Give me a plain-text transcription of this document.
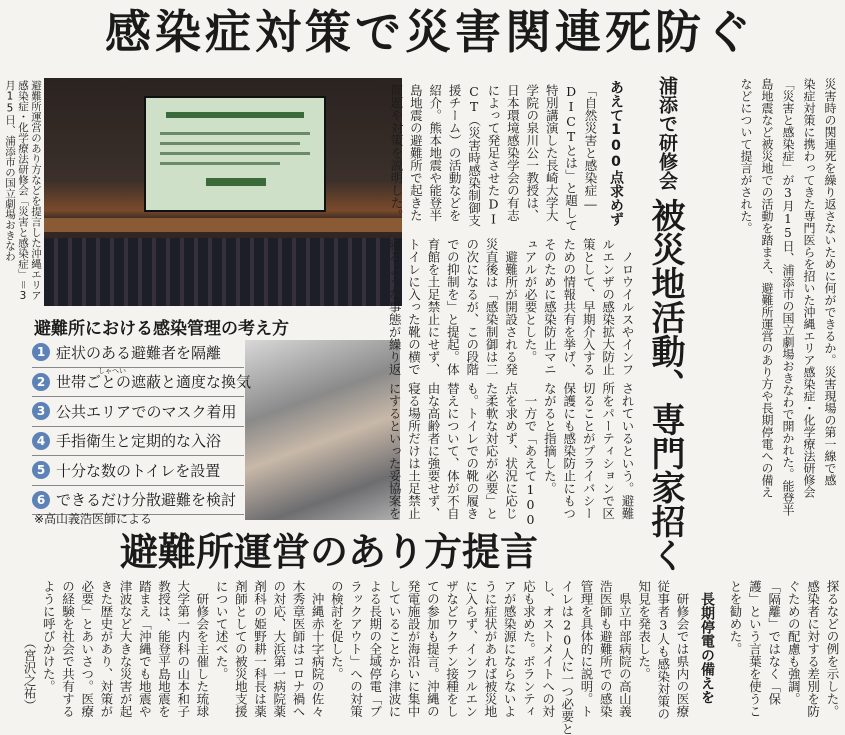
感染症対策で災害関連死防ぐ
避難所運営のあり方などを提言した沖縄エリア感染症・化学療法研修会「災害と感染症」＝3月15日、浦添市の国立劇場おきなわ
避難所における感染管理の考え方
1 症状のある避難者を隔離
2 世帯ごとの遮蔽と適度な換気
しゃへい
3 公共エリアでのマスク着用
4 手指衛生と定期的な入浴
5 十分な数のトイレを設置
6 できるだけ分散避難を検討
※高山義浩医師による
あえて100点求めず
「自然災害と感染症―
DICTとは」と題して
特別講演した長崎大学大
学院の泉川公一教授は、
日本環境感染学会の有志
によって発足させたDI
CT（災害時感染制御支
援チーム）の活動などを
紹介。熊本地震や能登半
島地震の避難所で起きた
問題や対策を説明した。
　ノロウイルスやインフ
ルエンザの感染拡大防止
策として、早期介入する
ための情報共有を挙げ、
そのために感染防止マニ
ュアルが必要とした。
　避難所が開設される発
災直後は「感染制御は二
の次になるが、この段階
での抑制を」と提起。体
育館を土足禁止にせず、
トイレに入った靴の横で
寝るような事態が繰り返
されているという。避難
所をパーティションで区
切ることがプライバシー
保護にも感染防止にもつ
ながると指摘した。
　一方で「あえて100
点を求めず、状況に応じ
た柔軟な対応が必要」と
も。トイレでの靴の履き
替えについて、体が不自
由な高齢者に強要せず、
寝る場所だけは土足禁止
にするといった妥協案を
浦添で研修会
被災地活動、専門家招く	災害時の関連死を繰り返さないために何ができるか。災害現場の第一線で感
染症対策に携わってきた専門医らを招いた沖縄エリア感染症・化学療法研修会
「災害と感染症」が3月15日、浦添市の国立劇場おきなわで開かれた。能登半
島地震など被災地での活動を踏まえ、避難所運営のあり方や長期停電への備え
などについて提言がされた。
避難所運営のあり方提言
探るなどの例を示した。
感染者に対する差別を防
ぐための配慮も強調。
「隔離」ではなく「保
護」という言葉を使うこ
とを勧めた。
長期停電の備えを
　研修会では県内の医療
従事者3人も感染対策の
知見を発表した。
　県立中部病院の高山義
浩医師も避難所での感染
管理を具体的に説明。ト
イレは20人に一つ必要と
し、オストメイトへの対
応も求めた。ボランティ
アが感染源にならないよ
うに症状があれば被災地
に入らず、インフルエン
ザなどワクチン接種をし
ての参加も提言。沖縄の
発電施設が海沿いに集中
していることから津波に
よる長期の全域停電「ブ
ラックアウト」への対策
の検討を促した。
　沖縄赤十字病院の佐々
木秀章医師はコロナ禍へ
の対応、大浜第一病院薬
剤科の姫野耕一科長は薬
剤師としての被災地支援
について述べた。
　研修会を主催した琉球
大学第一内科の山本和子
教授は、能登平島地震を
踏まえ「沖縄でも地震や
津波など大きな災害が起
きた歴史があり、対策が
必要」とあいさつ。医療
の経験を社会で共有する
ように呼びかけた。
　　　　　（宮沢之祐）
